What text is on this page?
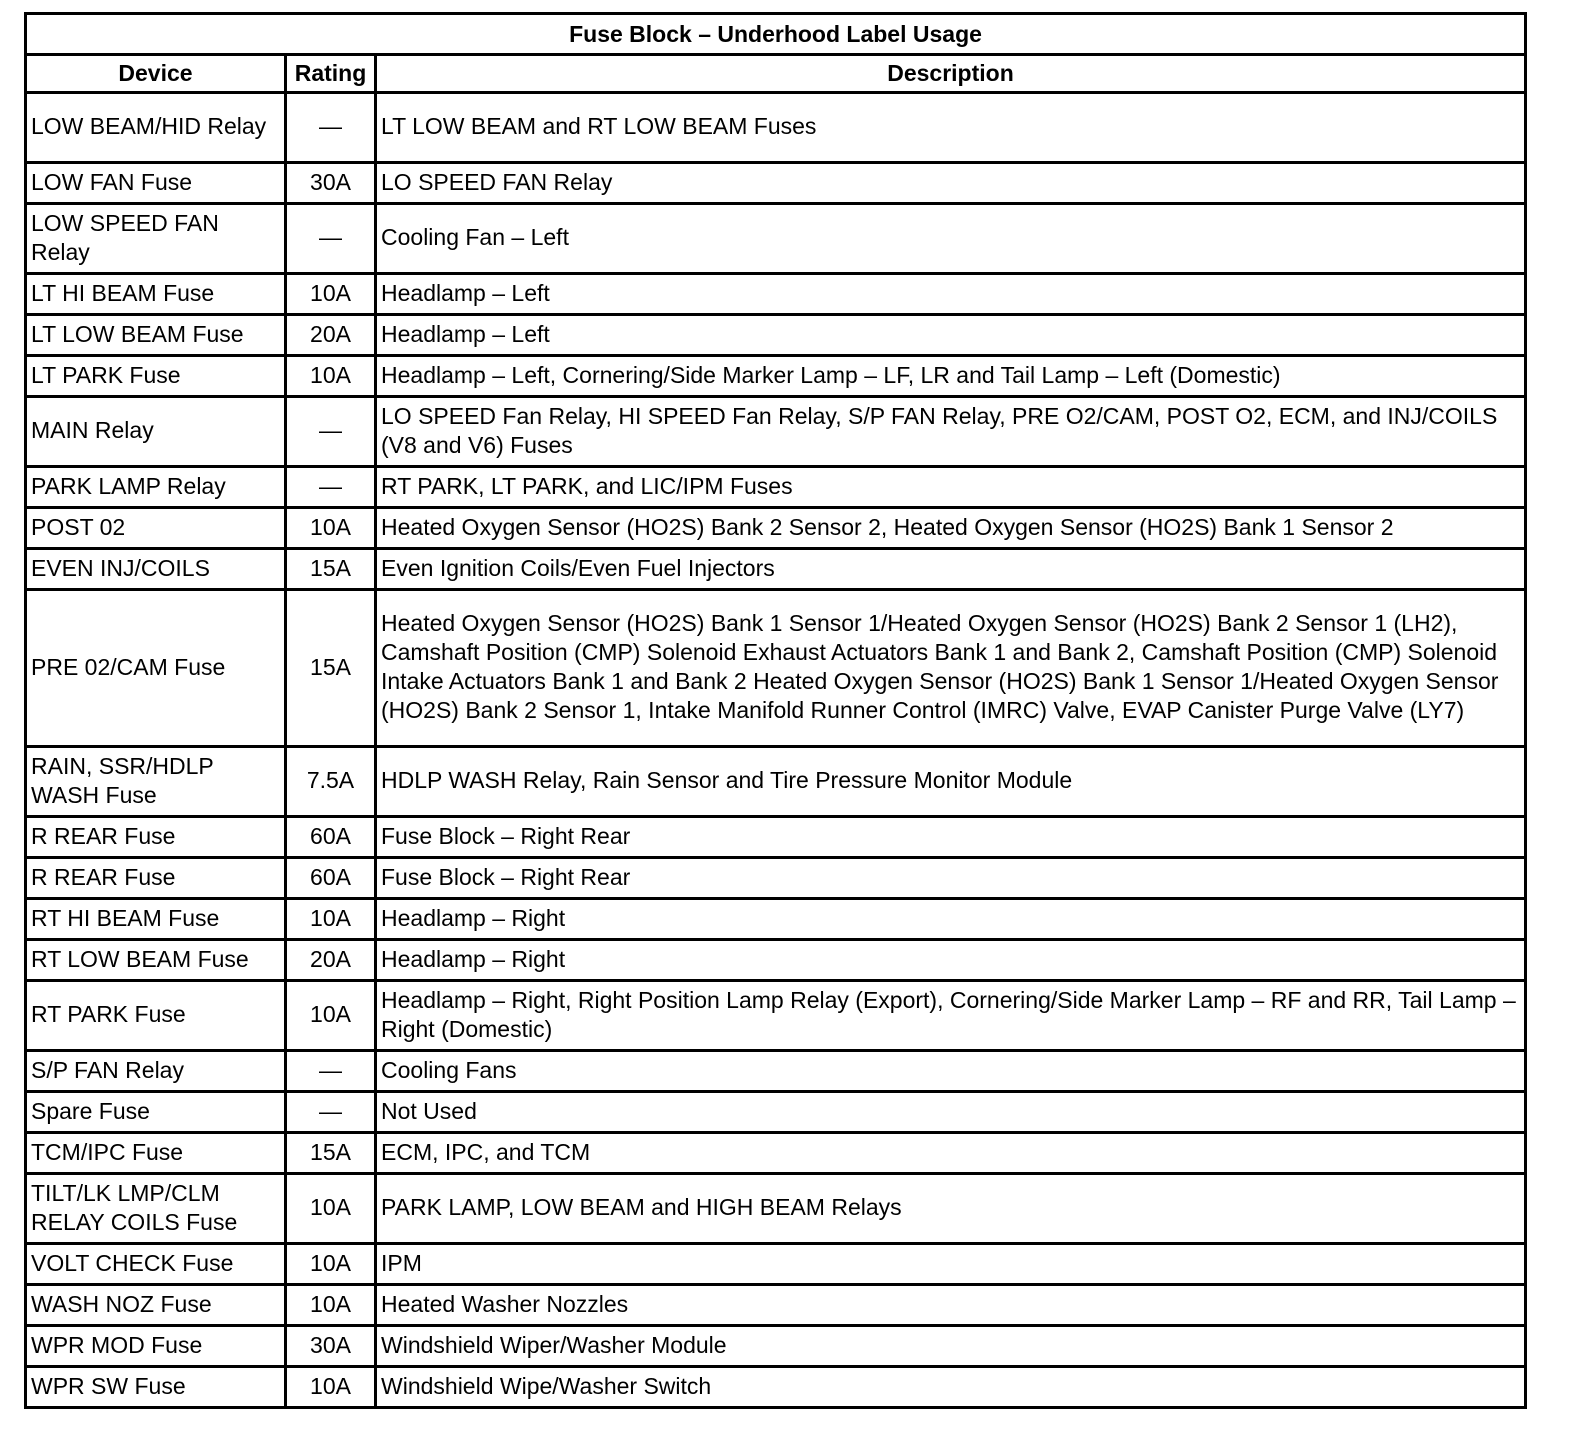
Fuse Block – Underhood Label Usage		
Device	Rating	Description
LOW BEAM/HID Relay	—	LT LOW BEAM and RT LOW BEAM Fuses
LOW FAN Fuse	30A	LO SPEED FAN Relay
LOW SPEED FAN Relay	—	Cooling Fan – Left
LT HI BEAM Fuse	10A	Headlamp – Left
LT LOW BEAM Fuse	20A	Headlamp – Left
LT PARK Fuse	10A	Headlamp – Left, Cornering/Side Marker Lamp – LF, LR and Tail Lamp – Left (Domestic)
MAIN Relay	—	LO SPEED Fan Relay, HI SPEED Fan Relay, S/P FAN Relay, PRE O2/CAM, POST O2, ECM, and INJ/COILS (V8 and V6) Fuses
PARK LAMP Relay	—	RT PARK, LT PARK, and LIC/IPM Fuses
POST 02	10A	Heated Oxygen Sensor (HO2S) Bank 2 Sensor 2, Heated Oxygen Sensor (HO2S) Bank 1 Sensor 2
EVEN INJ/COILS	15A	Even Ignition Coils/Even Fuel Injectors
PRE 02/CAM Fuse	15A	Heated Oxygen Sensor (HO2S) Bank 1 Sensor 1/Heated Oxygen Sensor (HO2S) Bank 2 Sensor 1 (LH2), Camshaft Position (CMP) Solenoid Exhaust Actuators Bank 1 and Bank 2, Camshaft Position (CMP) Solenoid Intake Actuators Bank 1 and Bank 2 Heated Oxygen Sensor (HO2S) Bank 1 Sensor 1/Heated Oxygen Sensor (HO2S) Bank 2 Sensor 1, Intake Manifold Runner Control (IMRC) Valve, EVAP Canister Purge Valve (LY7)
RAIN, SSR/HDLP WASH Fuse	7.5A	HDLP WASH Relay, Rain Sensor and Tire Pressure Monitor Module
R REAR Fuse	60A	Fuse Block – Right Rear
R REAR Fuse	60A	Fuse Block – Right Rear
RT HI BEAM Fuse	10A	Headlamp – Right
RT LOW BEAM Fuse	20A	Headlamp – Right
RT PARK Fuse	10A	Headlamp – Right, Right Position Lamp Relay (Export), Cornering/Side Marker Lamp – RF and RR, Tail Lamp – Right (Domestic)
S/P FAN Relay	—	Cooling Fans
Spare Fuse	—	Not Used
TCM/IPC Fuse	15A	ECM, IPC, and TCM
TILT/LK LMP/CLM RELAY COILS Fuse	10A	PARK LAMP, LOW BEAM and HIGH BEAM Relays
VOLT CHECK Fuse	10A	IPM
WASH NOZ Fuse	10A	Heated Washer Nozzles
WPR MOD Fuse	30A	Windshield Wiper/Washer Module
WPR SW Fuse	10A	Windshield Wipe/Washer Switch
